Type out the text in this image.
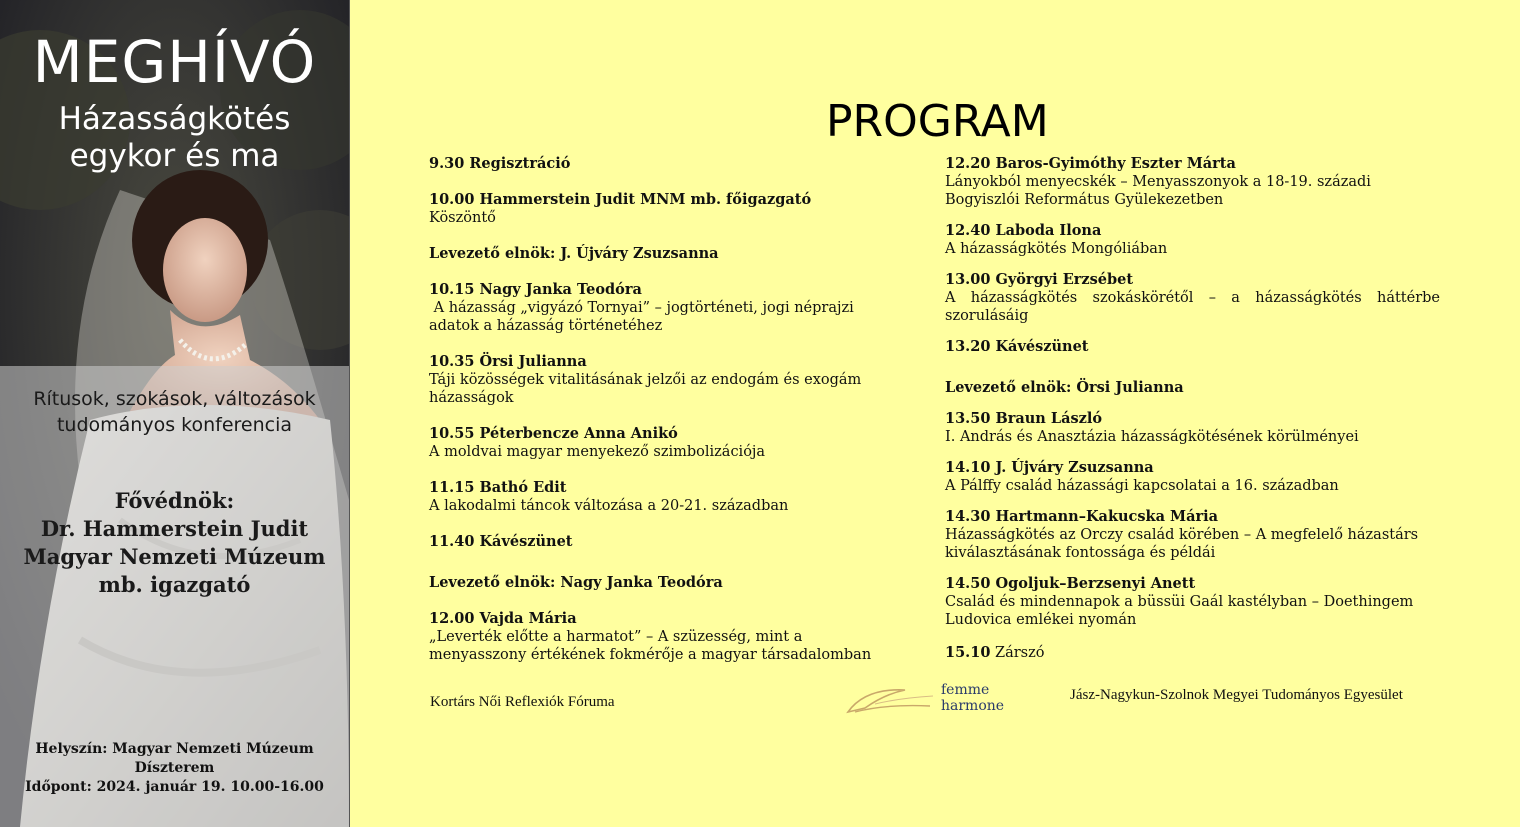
MEGHÍVÓ
Házasságkötés
egykor és ma
Rítusok, szokások, változások
tudományos konferencia
Fővédnök:
Dr. Hammerstein Judit
Magyar Nemzeti Múzeum
mb. igazgató
Helyszín: Magyar Nemzeti Múzeum
Díszterem
Időpont: 2024. január 19. 10.00-16.00
PROGRAM
9.30 Regisztráció
10.00 Hammerstein Judit MNM mb. főigazgató
Köszöntő
Levezető elnök: J. Újváry Zsuzsanna
10.15 Nagy Janka Teodóra
A házasság „vigyázó Tornyai” – jogtörténeti, jogi néprajzi adatok a házasság történetéhez
10.35 Örsi Julianna
Táji közösségek vitalitásának jelzői az endogám és exogám házasságok
10.55 Péterbencze Anna Anikó
A moldvai magyar menyekező szimbolizációja
11.15 Bathó Edit
A lakodalmi táncok változása a 20-21. században
11.40 Kávészünet
Levezető elnök: Nagy Janka Teodóra
12.00 Vajda Mária
„Leverték előtte a harmatot” – A szüzesség, mint a menyasszony értékének fokmérője a magyar társadalomban
12.20 Baros-Gyimóthy Eszter Márta
Lányokból menyecskék – Menyasszonyok a 18-19. századi Bogyiszlói Református Gyülekezetben
12.40 Laboda Ilona
A házasságkötés Mongóliában
13.00 Györgyi Erzsébet
A házasságkötés szokáskörétől – a házasságkötés háttérbe szorulásáig
13.20 Kávészünet
Levezető elnök: Örsi Julianna
13.50 Braun László
I. András és Anasztázia házasságkötésének körülményei
14.10 J. Újváry Zsuzsanna
A Pálffy család házassági kapcsolatai a 16. században
14.30 Hartmann–Kakucska Mária
Házasságkötés az Orczy család körében – A megfelelő házastárs kiválasztásának fontossága és példái
14.50 Ogoljuk–Berzsenyi Anett
Család és mindennapok a büssüi Gaál kastélyban – Doethingem Ludovica emlékei nyomán
15.10 Zárszó
Kortárs Női Reflexiók Fóruma
femme
harmone
Jász-Nagykun-Szolnok Megyei Tudományos Egyesület
